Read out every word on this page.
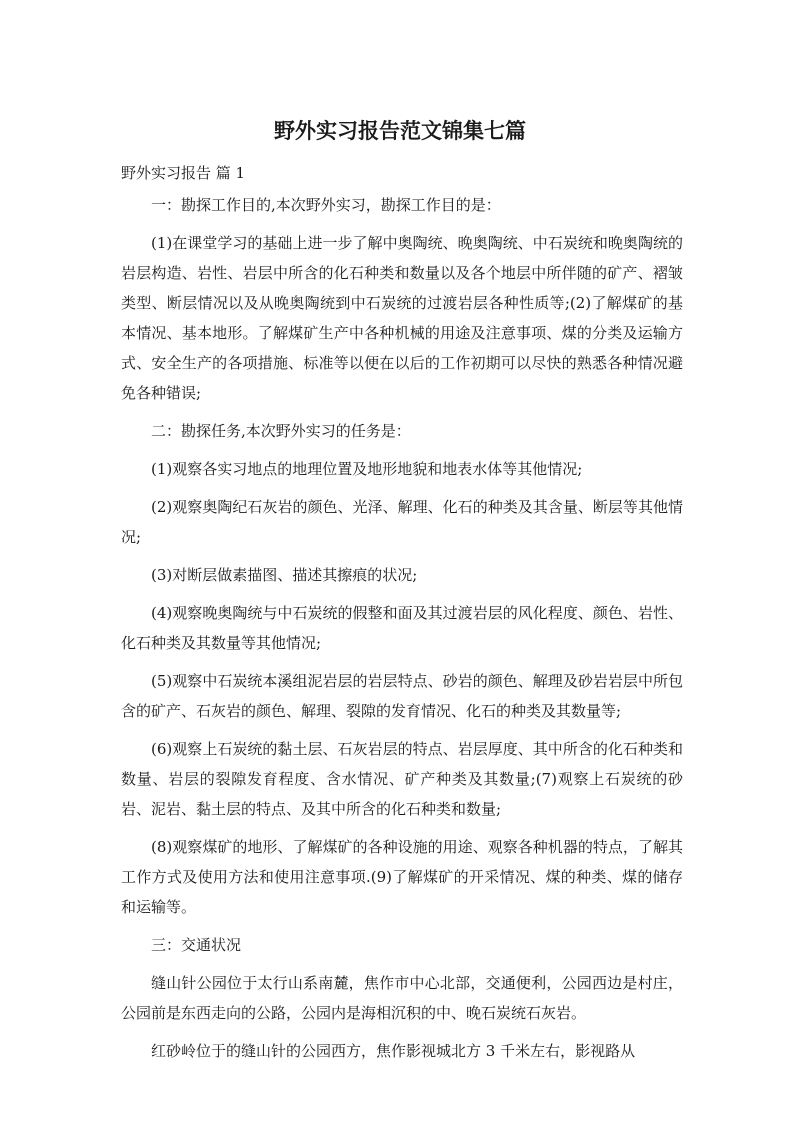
野外实习报告范文锦集七篇
野外实习报告 篇 1

一：勘探工作目的,本次野外实习，勘探工作目的是：

(1)在课堂学习的基础上进一步了解中奥陶统、晚奥陶统、中石炭统和晚奥陶统的岩层构造、岩性、岩层中所含的化石种类和数量以及各个地层中所伴随的矿产、褶皱类型、断层情况以及从晚奥陶统到中石炭统的过渡岩层各种性质等;(2)了解煤矿的基本情况、基本地形。了解煤矿生产中各种机械的用途及注意事项、煤的分类及运输方式、安全生产的各项措施、标准等以便在以后的工作初期可以尽快的熟悉各种情况避免各种错误;

二：勘探任务,本次野外实习的任务是：

(1)观察各实习地点的地理位置及地形地貌和地表水体等其他情况;

(2)观察奥陶纪石灰岩的颜色、光泽、解理、化石的种类及其含量、断层等其他情况;

(3)对断层做素描图、描述其擦痕的状况;

(4)观察晚奥陶统与中石炭统的假整和面及其过渡岩层的风化程度、颜色、岩性、化石种类及其数量等其他情况;

(5)观察中石炭统本溪组泥岩层的岩层特点、砂岩的颜色、解理及砂岩岩层中所包含的矿产、石灰岩的颜色、解理、裂隙的发育情况、化石的种类及其数量等;

(6)观察上石炭统的黏土层、石灰岩层的特点、岩层厚度、其中所含的化石种类和数量、岩层的裂隙发育程度、含水情况、矿产种类及其数量;(7)观察上石炭统的砂岩、泥岩、黏土层的特点、及其中所含的化石种类和数量;

(8)观察煤矿的地形、了解煤矿的各种设施的用途、观察各种机器的特点，了解其工作方式及使用方法和使用注意事项.(9)了解煤矿的开采情况、煤的种类、煤的储存和运输等。

三：交通状况

缝山针公园位于太行山系南麓，焦作市中心北部，交通便利，公园西边是村庄，公园前是东西走向的公路，公园内是海相沉积的中、晚石炭统石灰岩。

红砂岭位于的缝山针的公园西方，焦作影视城北方 3 千米左右，影视路从
